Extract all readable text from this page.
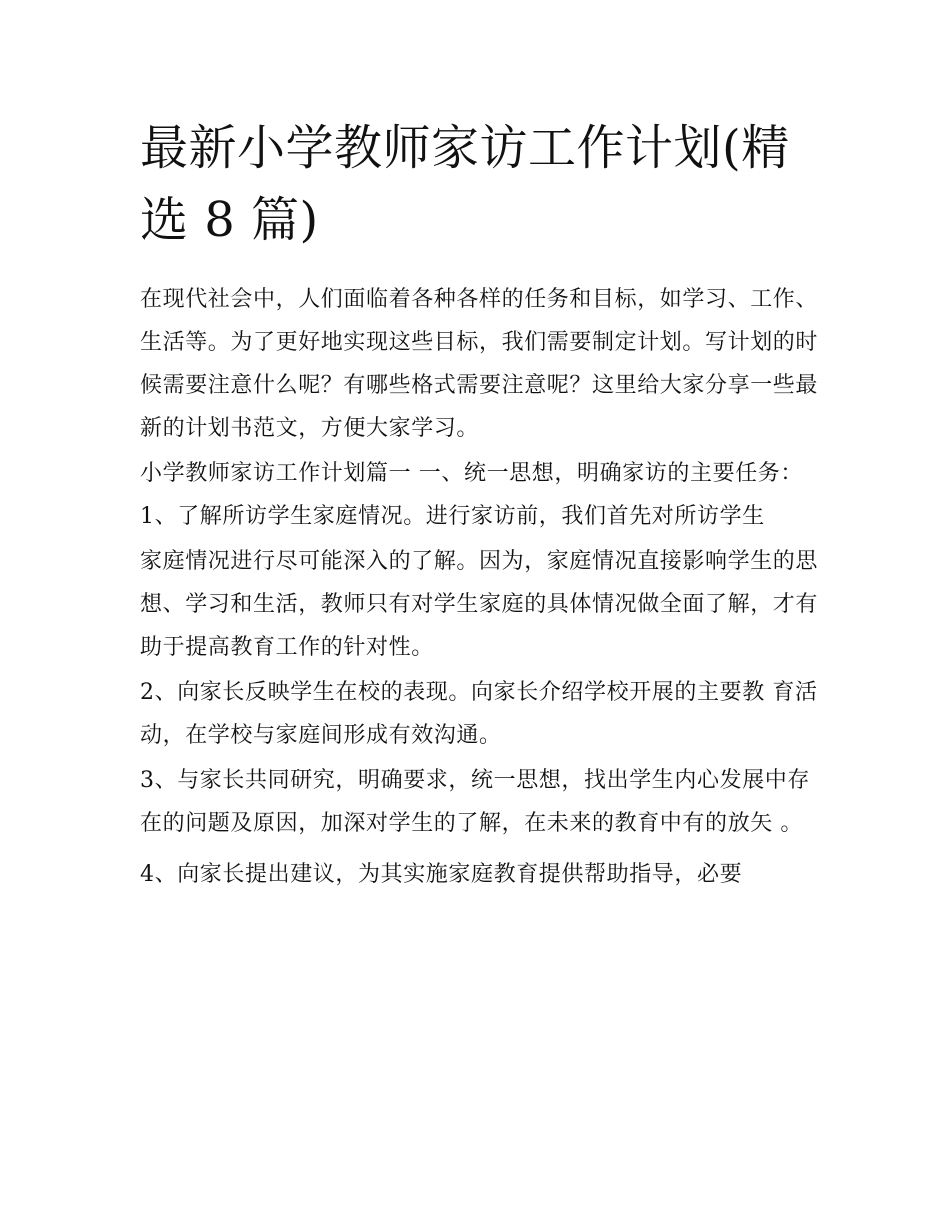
最新小学教师家访工作计划(精选 8 篇)

在现代社会中，人们面临着各种各样的任务和目标，如学习、工作、生活等。为了更好地实现这些目标，我们需要制定计划。写计划的时候需要注意什么呢？有哪些格式需要注意呢？这里给大家分享一些最新的计划书范文，方便大家学习。

小学教师家访工作计划篇一 一、统一思想，明确家访的主要任务： 1、了解所访学生家庭情况。进行家访前，我们首先对所访学生

家庭情况进行尽可能深入的了解。因为，家庭情况直接影响学生的思想、学习和生活，教师只有对学生家庭的具体情况做全面了解，才有 助于提高教育工作的针对性。

2、向家长反映学生在校的表现。向家长介绍学校开展的主要教 育活动，在学校与家庭间形成有效沟通。

3、与家长共同研究，明确要求，统一思想，找出学生内心发展中存在的问题及原因，加深对学生的了解，在未来的教育中有的放矢 。

4、向家长提出建议，为其实施家庭教育提供帮助指导，必要
